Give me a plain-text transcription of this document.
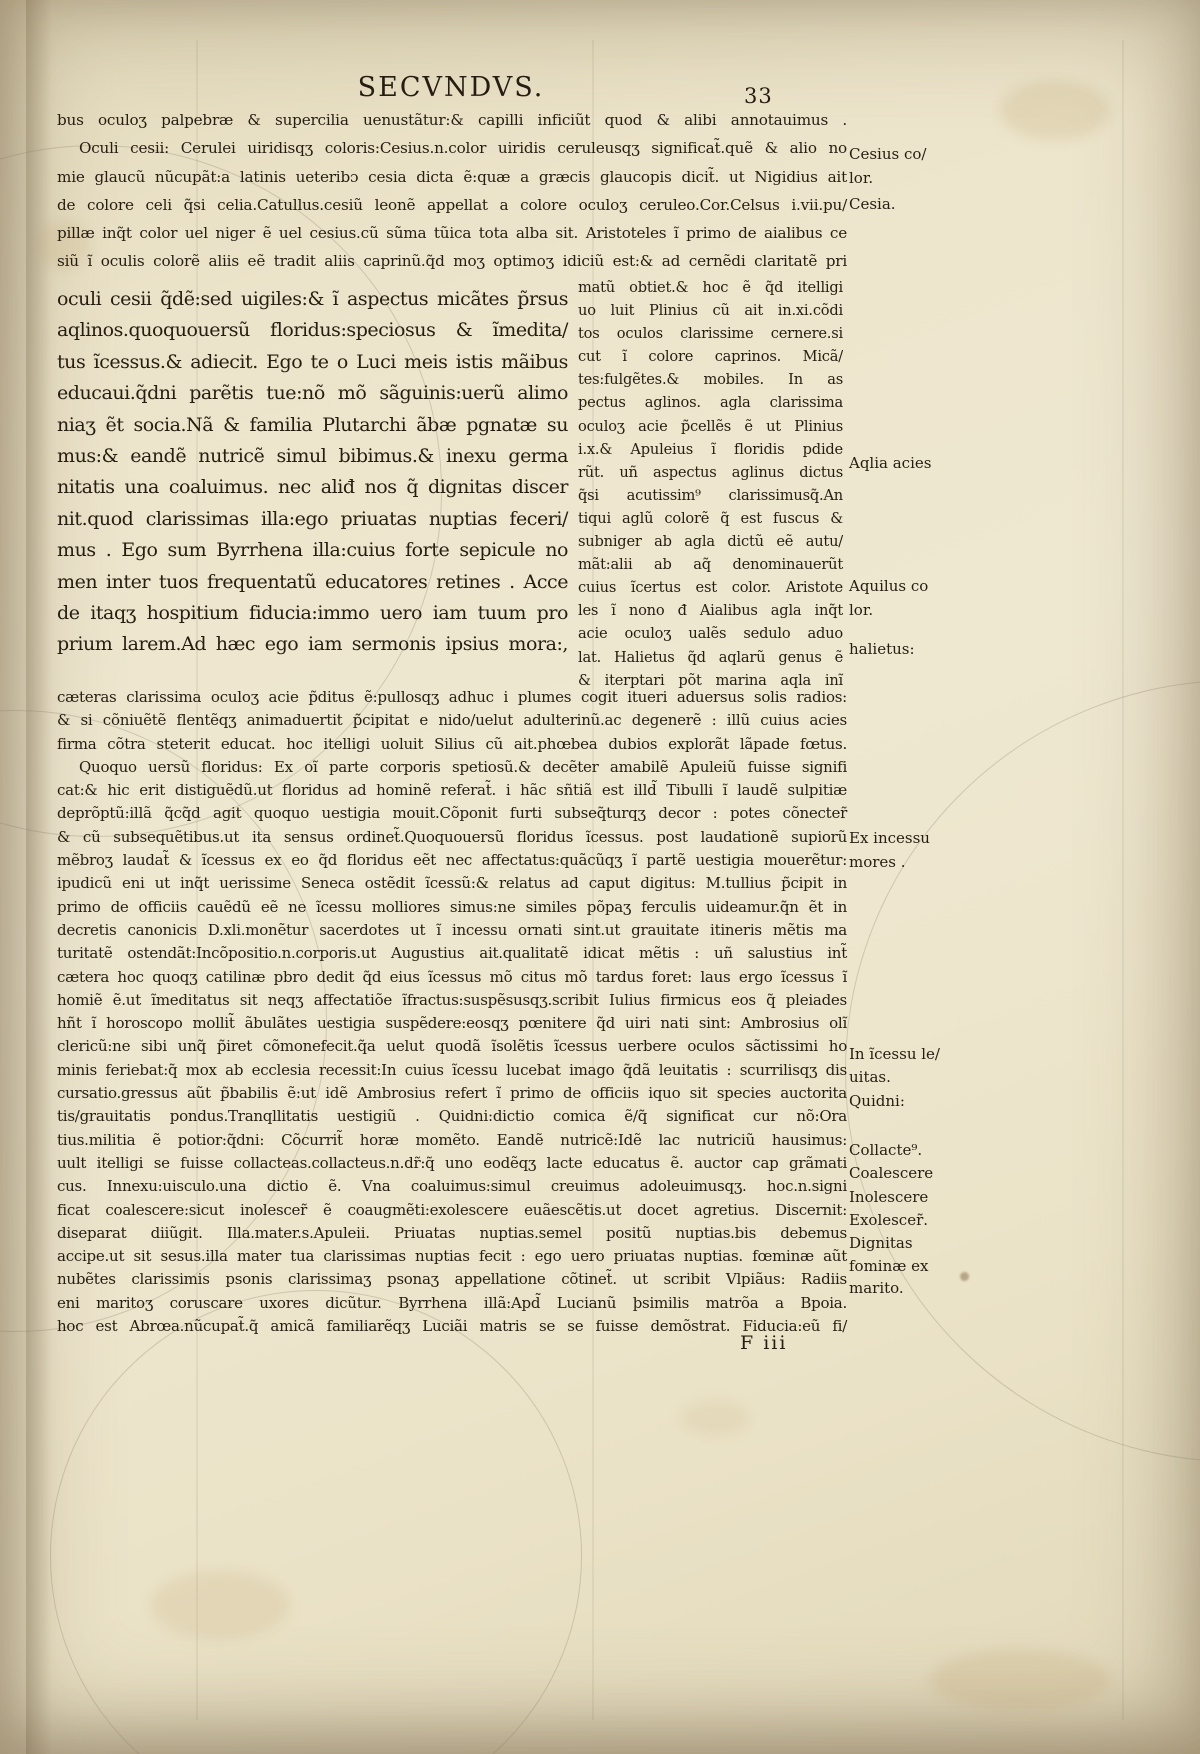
SECVNDVS.	33
bus oculoʒ palpebræ & supercilia uenustãtur:& capilli inficiũt quod & alibi annotauimus .
Oculi cesii: Cerulei uiridisqʒ coloris:Cesius.n.color uiridis ceruleusqʒ significat̃.quẽ & alio no
mie glaucũ nũcupãt:a latinis ueteribɔ cesia dicta ẽ:quæ a græcis glaucopis dicit̃. ut Nigidius ait
de colore celi q̃si celia.Catullus.cesiũ leonẽ appellat a colore oculoʒ ceruleo.Cor.Celsus i.vii.pu/
pillæ inq̃t color uel niger ẽ uel cesius.cũ sũma tũica tota alba sit. Aristoteles ĩ primo de aialibus ce
siũ ĩ oculis colorẽ aliis eẽ tradit aliis caprinũ.q̃d moʒ optimoʒ idiciũ est:& ad cernẽdi claritatẽ pri
oculi cesii q̃dẽ:sed uigiles:& ĩ aspectus micãtes p̃rsus
aqlinos.quoquouersũ floridus:speciosus & ĩmedita/
tus ĩcessus.& adiecit. Ego te o Luci meis istis mãibus
educaui.q̃dni parẽtis tue:nõ mõ sãguinis:uerũ alimo
niaʒ ẽt socia.Nã & familia Plutarchi ãbæ pgnatæ su
mus:& eandẽ nutricẽ simul bibimus.& inexu germa
nitatis una coaluimus. nec aliđ nos q̃ dignitas discer
nit.quod clarissimas illa:ego priuatas nuptias feceri/
mus . Ego sum Byrrhena illa:cuius forte sepicule no
men inter tuos frequentatũ educatores retines . Acce
de itaqʒ hospitium fiducia:immo uero iam tuum pro
prium larem.Ad hæc ego iam sermonis ipsius mora:,
matũ obtiet.& hoc ẽ q̃d itelligi
uo luit Plinius cũ ait in.xi.cõdi
tos oculos clarissime cernere.si
cut ĩ colore caprinos. Micã/
tes:fulgẽtes.& mobiles. In as
pectus aglinos. agla clarissima
oculoʒ acie p̃cellẽs ẽ ut Plinius
i.x.& Apuleius ĩ floridis pdide
rũt. uñ aspectus aglinus dictus
q̃si acutissim⁹ clarissimusq̃.An
tiqui aglũ colorẽ q̃ est fuscus &
subniger ab agla dictũ eẽ autu/
mãt:alii ab aq̃ denominauerũt
cuius ĩcertus est color. Aristote
les ĩ nono đ Aialibus agla inq̃t
acie oculoʒ ualẽs sedulo aduo
lat. Halietus q̃d aqlarũ genus ẽ
& iterptari põt marina aqla inĩ
cæteras clarissima oculoʒ acie p̃ditus ẽ:pullosqʒ adhuc i plumes cogit itueri aduersus solis radios:
& si cõniuẽtẽ flentẽqʒ animaduertit p̃cipitat e nido/uelut adulterinũ.ac degenerẽ : illũ cuius acies
firma cõtra steterit educat. hoc itelligi uoluit Silius cũ ait.phœbea dubios explorãt lãpade fœtus.
Quoquo uersũ floridus: Ex oĩ parte corporis spetiosũ.& decẽter amabilẽ Apuleiũ fuisse signifi
cat:& hic erit distiguẽdũ.ut floridus ad hominẽ referat̃. i hãc sñtiã est illd̃ Tibulli ĩ laudẽ sulpitiæ
deprõptũ:illã q̃cq̃d agit quoquo uestigia mouit.Cõponit furti subseq̃turqʒ decor : potes cõnecter̃
& cũ subsequẽtibus.ut ita sensus ordinet̃.Quoquouersũ floridus ĩcessus. post laudationẽ supiorũ
mẽbroʒ laudat̃ & ĩcessus ex eo q̃d floridus eẽt nec affectatus:quãcũqʒ ĩ partẽ uestigia mouerẽtur:
ipudicũ eni ut inq̃t uerissime Seneca ostẽdit ĩcessũ:& relatus ad caput digitus: M.tullius p̃cipit in
primo de officiis cauẽdũ eẽ ne ĩcessu molliores simus:ne similes põpaʒ ferculis uideamur.q̃n ẽt in
decretis canonicis D.xli.monẽtur sacerdotes ut ĩ incessu ornati sint.ut grauitate itineris mẽtis ma
turitatẽ ostendãt:Incõpositio.n.corporis.ut Augustius ait.qualitatẽ idicat mẽtis : uñ salustius int̃
cætera hoc quoqʒ catilinæ pbro dedit q̃d eius ĩcessus mõ citus mõ tardus foret: laus ergo ĩcessus ĩ
homiẽ ẽ.ut ĩmeditatus sit neqʒ affectatiõe ĩfractus:suspẽsusqʒ.scribit Iulius firmicus eos q̃ pleiades
hñt ĩ horoscopo mollit̃ ãbulãtes uestigia suspẽdere:eosqʒ pœnitere q̃d uiri nati sint: Ambrosius olĩ
clericũ:ne sibi unq̃ p̃iret cõmonefecit.q̃a uelut quodã ĩsolẽtis ĩcessus uerbere oculos sãctissimi ho
minis feriebat:q̃ mox ab ecclesia recessit:In cuius ĩcessu lucebat imago q̃dã leuitatis : scurrilisqʒ dis
cursatio.gressus aũt p̃babilis ẽ:ut idẽ Ambrosius refert ĩ primo de officiis iquo sit species auctorita
tis/grauitatis pondus.Tranqllitatis uestigiũ . Quidni:dictio comica ẽ/q̃ significat cur nõ:Ora
tius.militia ẽ potior:q̃dni: Cõcurrit̃ horæ momẽto. Eandẽ nutricẽ:Idẽ lac nutriciũ hausimus:
uult itelligi se fuisse collacteas.collacteus.n.dr̃:q̃ uno eodẽqʒ lacte educatus ẽ. auctor cap grãmati
cus. Innexu:uisculo.una dictio ẽ. Vna coaluimus:simul creuimus adoleuimusqʒ. hoc.n.signi
ficat coalescere:sicut inolescer̃ ẽ coaugmẽti:exolescere euãescẽtis.ut docet agretius. Discernit:
diseparat diiũgit. Illa.mater.s.Apuleii. Priuatas nuptias.semel positũ nuptias.bis debemus
accipe.ut sit sesus.illa mater tua clarissimas nuptias fecit : ego uero priuatas nuptias. fœminæ aũt
nubẽtes clarissimis psonis clarissimaʒ psonaʒ appellatione cõtinet̃. ut scribit Vlpiãus: Radiis
eni maritoʒ coruscare uxores dicũtur. Byrrhena illã:Apd̃ Lucianũ þsimilis matrõa a Bpoia.
hoc est Abrœa.nũcupat̃.q̃ amicã familiarẽqʒ Luciãi matris se se fuisse demõstrat. Fiducia:eũ fi/
Cesius co/
lor.
Cesia.
Aqlia acies
Aquilus co
lor.
halietus:
Ex incessu
mores .
In ĩcessu le/
uitas.
Quidni:
Collacte⁹.
Coalescere
Inolescere
Exolescer̃.
Dignitas
fominæ ex
marito.
F iii
